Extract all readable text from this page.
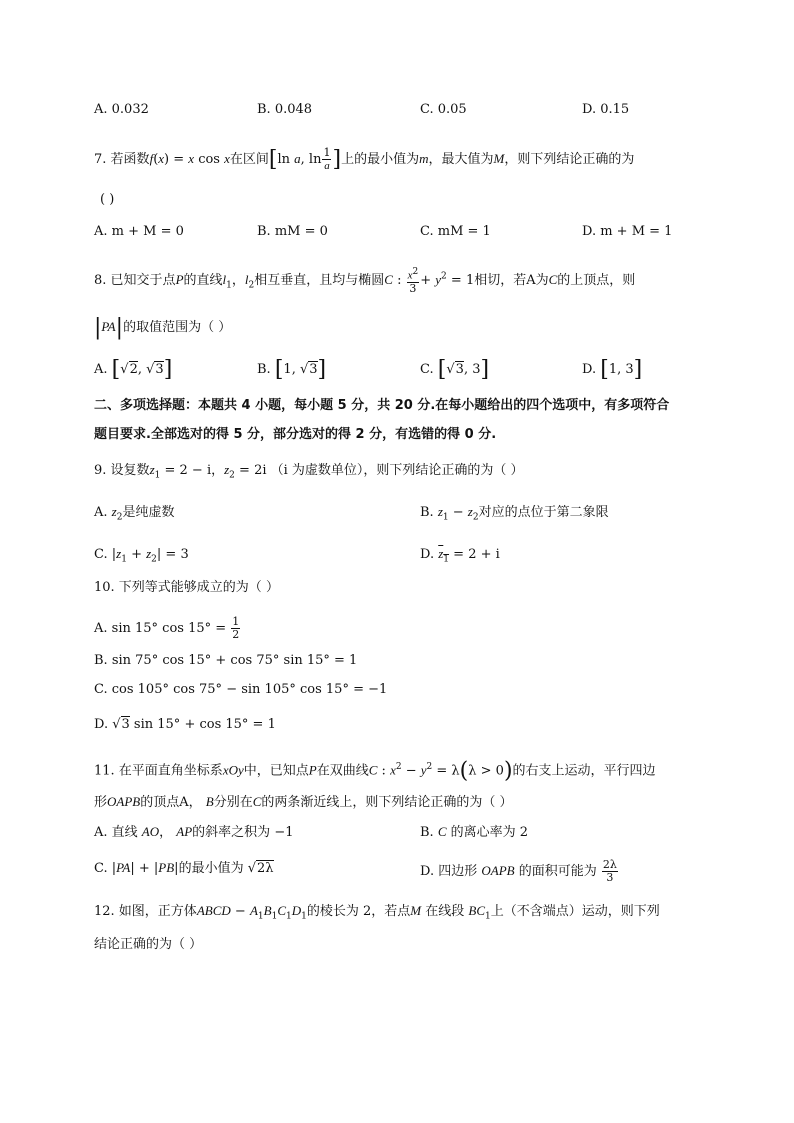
A. 0.032	B. 0.048	C. 0.05	D. 0.15
7. 若函数f(x) = x cos x在区间[ln a, $\ln \frac{1}{a}$ ]上的最小值为m，最大值为M，则下列结论正确的为
( )
A. m + M = 0	B. mM = 0	C. mM = 1	D. m + M = 1
8. 已知交于点P的直线$l_1$，$l_2$相互垂直，且均与椭圆C : $\frac{x^2}{3} + y^2 = 1$相切，若A为C的上顶点，则
|PA|的取值范围为（ ）
A. [√2, √3]	B. [1, √3]	C. [√3, 3]	D. [1, 3]
二、多项选择题：本题共 4 小题，每小题 5 分，共 20 分.在每小题给出的四个选项中，有多项符合
题目要求.全部选对的得 5 分，部分选对的得 2 分，有选错的得 0 分.
9. 设复数$z_1 = 2 - i$，$z_2 = 2i$ （i 为虚数单位），则下列结论正确的为（ ）
A. $z_2$是纯虚数	B. $z_1 - z_2$对应的点位于第二象限
C. $|z_1 + z_2| = 3$	D. $z_1 = 2 + i$
10. 下列等式能够成立的为（ ）
A. sin 15° $\cos 15^\circ = \frac{1}{2}$
B. sin 75° cos 15° + cos 75° sin 15° = 1
C. cos 105° cos 75° − sin 105° cos 15° = −1
D. √3 sin 15° + cos 15° = 1
11. 在平面直角坐标系xOy中，已知点P在双曲线C : $x^2 - y^2 = \lambda(\lambda > 0)$的右支上运动，平行四边
形OAPB的顶点A， B分别在C的两条渐近线上，则下列结论正确的为（ ）
A. 直线 AO， AP的斜率之积为 −1	B. C 的离心率为 2
C. |PA| + |PB|的最小值为 √2λ	D. 四边形 OAPB 的面积可能为 $\frac{2\lambda}{3}$
12. 如图，正方体ABCD − $A_1B_1C_1D_1$的棱长为 2，若点M 在线段 $BC_1$上（不含端点）运动，则下列
结论正确的为（ ）
